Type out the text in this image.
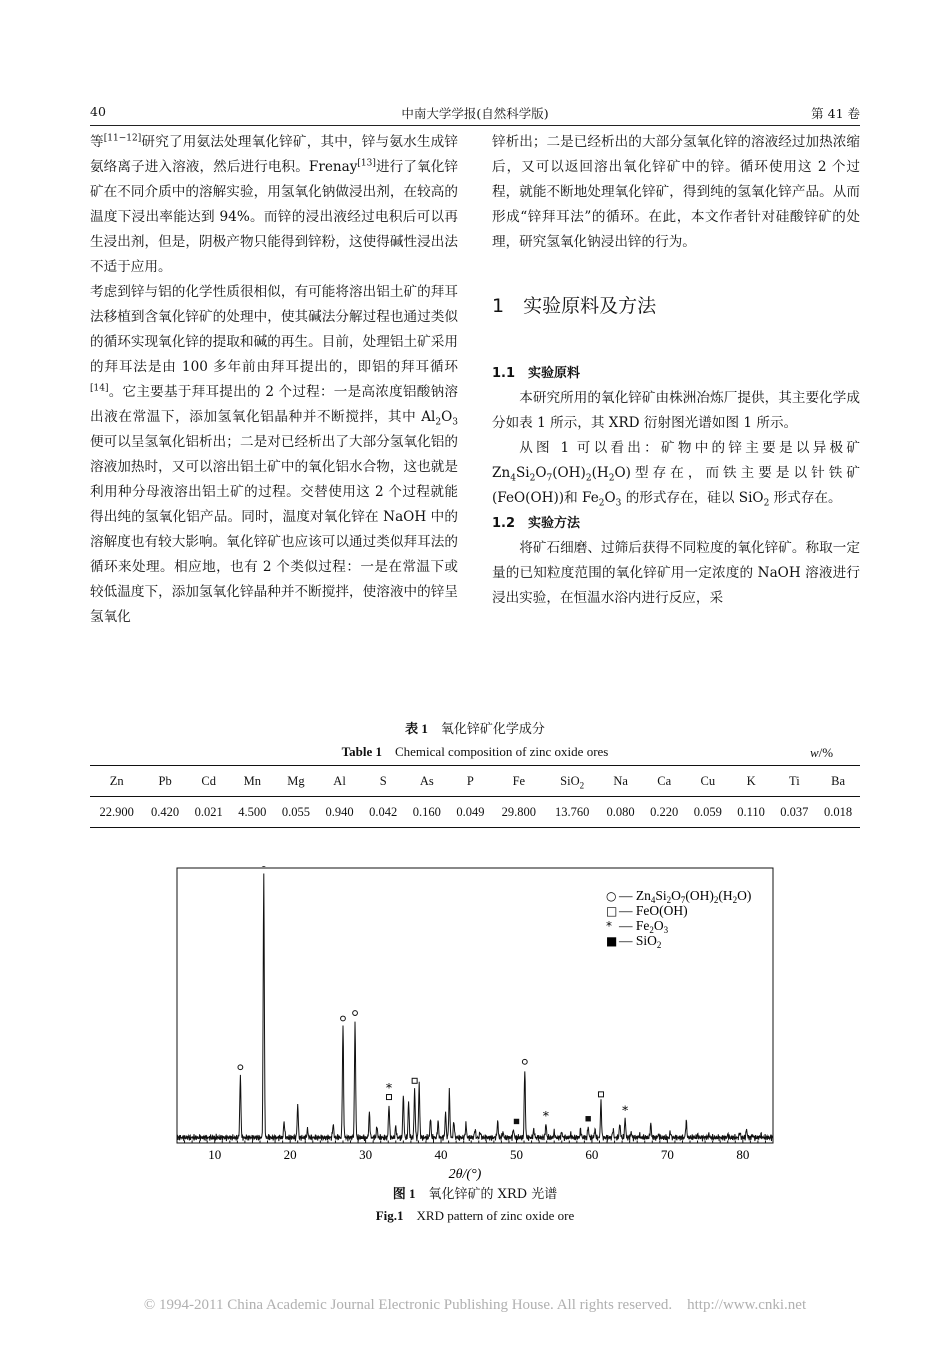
40	中南大学学报(自然科学版)	第 41 卷

等[11−12]研究了用氨法处理氧化锌矿，其中，锌与氨水生成锌氨络离子进入溶液，然后进行电积。Frenay[13]进行了氧化锌矿在不同介质中的溶解实验，用氢氧化钠做浸出剂，在较高的温度下浸出率能达到 94%。而锌的浸出液经过电积后可以再生浸出剂，但是，阴极产物只能得到锌粉，这使得碱性浸出法不适于应用。

考虑到锌与铝的化学性质很相似，有可能将溶出铝土矿的拜耳法移植到含氧化锌矿的处理中，使其碱法分解过程也通过类似的循环实现氧化锌的提取和碱的再生。目前，处理铝土矿采用的拜耳法是由 100 多年前由拜耳提出的，即铝的拜耳循环[14]。它主要基于拜耳提出的 2 个过程：一是高浓度铝酸钠溶出液在常温下，添加氢氧化铝晶种并不断搅拌，其中 $Al_2O_3$ 便可以呈氢氧化铝析出；二是对已经析出了大部分氢氧化铝的溶液加热时，又可以溶出铝土矿中的氧化铝水合物，这也就是利用种分母液溶出铝土矿的过程。交替使用这 2 个过程就能得出纯的氢氧化铝产品。同时，温度对氧化锌在 NaOH 中的溶解度也有较大影响。氧化锌矿也应该可以通过类似拜耳法的循环来处理。相应地，也有 2 个类似过程：一是在常温下或较低温度下，添加氢氧化锌晶种并不断搅拌，使溶液中的锌呈氢氧化

锌析出；二是已经析出的大部分氢氧化锌的溶液经过加热浓缩后，又可以返回溶出氧化锌矿中的锌。循环使用这 2 个过程，就能不断地处理氧化锌矿，得到纯的氢氧化锌产品。从而形成“锌拜耳法”的循环。在此，本文作者针对硅酸锌矿的处理，研究氢氧化钠浸出锌的行为。

1　实验原料及方法
1.1　实验原料

本研究所用的氧化锌矿由株洲冶炼厂提供，其主要化学成分如表 1 所示，其 XRD 衍射图光谱如图 1 所示。

从图 1 可以看出：矿物中的锌主要是以异极矿 $Zn_4Si_2O_7(OH)_2(H_2O)$型存在，而铁主要是以针铁矿(FeO(OH))和 $Fe_2O_3$ 的形式存在，硅以 SiO$_2$ 形式存在。

1.2　实验方法

将矿石细磨、过筛后获得不同粒度的氧化锌矿。称取一定量的已知粒度范围的氧化锌矿用一定浓度的 NaOH 溶液进行浸出实验，在恒温水浴内进行反应，采

表 1　 氧化锌矿化学成分
Table 1  Chemical composition of zinc oxide ores	w/%
Zn	Pb	Cd	Mn	Mg	Al	S	As	P	Fe	SiO$_2$	Na	Ca	Cu	K	Ti	Ba
22.900	0.420	0.021	4.500	0.055	0.940	0.042	0.160	0.049	29.800	13.760	0.080	0.220	0.059	0.110	0.037	0.018
10	20	30	40	50	60	70	80
*
*	*
2θ/(°)
○ — $Zn_4Si_2O_7(OH)_2(H_2O)$
□ — FeO(OH)
* — $Fe_2O_3$
■ — SiO$_2$
图 1　 氧化锌矿的 XRD 光谱
Fig.1  XRD pattern of zinc oxide ore
© 1994-2011 China Academic Journal Electronic Publishing House. All rights reserved.  http://www.cnki.net
